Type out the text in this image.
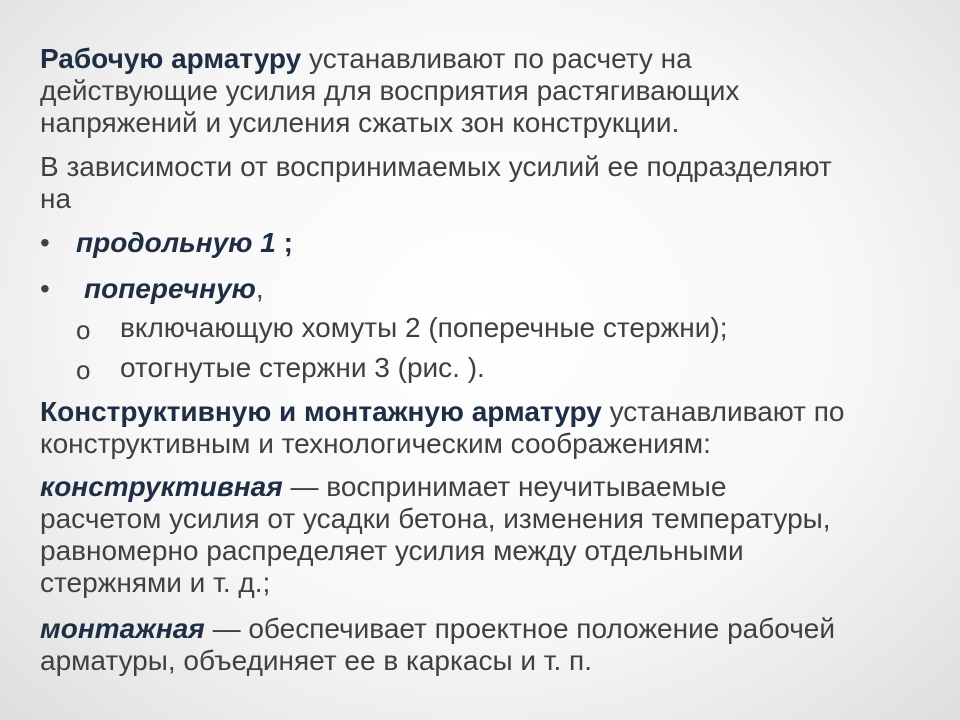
Рабочую арматуру устанавливают по расчету на
действующие усилия для восприятия растягивающих
напряжений и усиления сжатых зон конструкции.
В зависимости от воспринимаемых усилий ее подразделяют
на
• продольную 1 ;
• поперечную,
o включающую хомуты 2 (поперечные стержни);
o отогнутые стержни 3 (рис. ).
Конструктивную и монтажную арматуру устанавливают по
конструктивным и технологическим соображениям:
конструктивная — воспринимает неучитываемые
расчетом усилия от усадки бетона, изменения температуры,
равномерно распределяет усилия между отдельными
стержнями и т. д.;
монтажная — обеспечивает проектное положение рабочей
арматуры, объединяет ее в каркасы и т. п.
